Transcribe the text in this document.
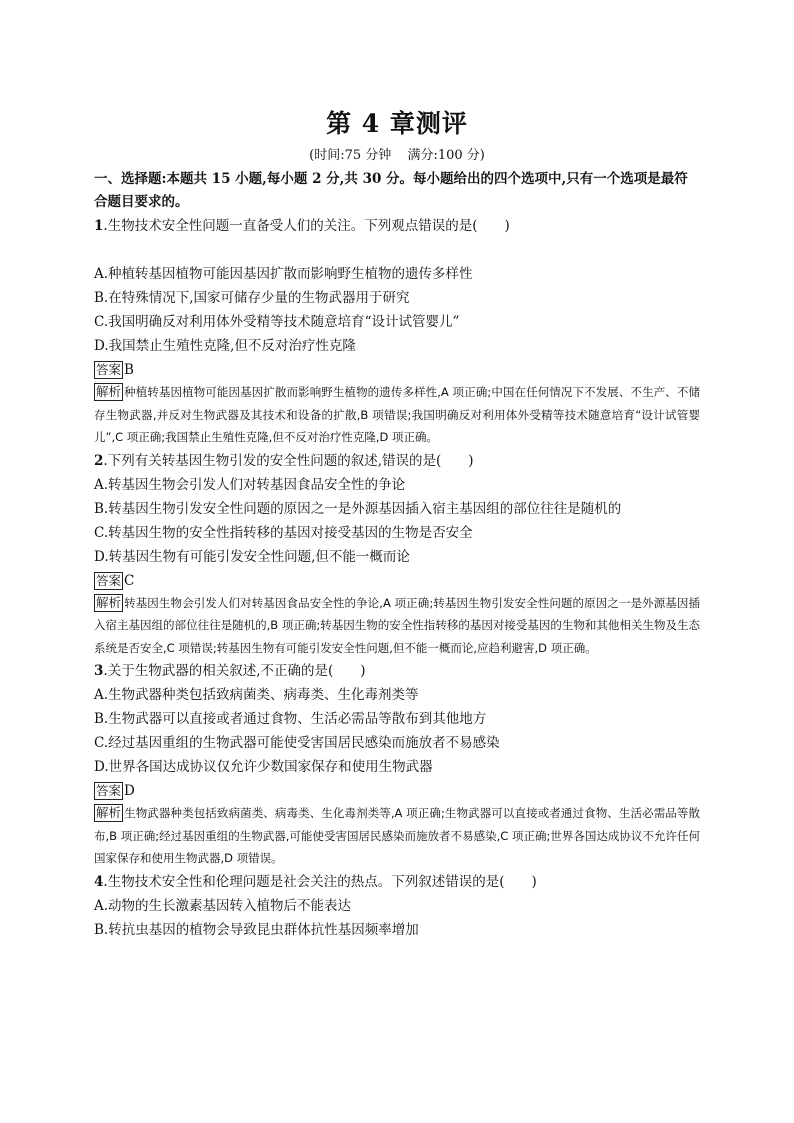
第 4 章测评
(时间:75 分钟 满分:100 分)
一、选择题:本题共 15 小题,每小题 2 分,共 30 分。每小题给出的四个选项中,只有一个选项是最符合题目要求的。
1.生物技术安全性问题一直备受人们的关注。下列观点错误的是(　　)
A.种植转基因植物可能因基因扩散而影响野生植物的遗传多样性
B.在特殊情况下,国家可储存少量的生物武器用于研究
C.我国明确反对利用体外受精等技术随意培育“设计试管婴儿”
D.我国禁止生殖性克隆,但不反对治疗性克隆
答案 B
解析 种植转基因植物可能因基因扩散而影响野生植物的遗传多样性,A 项正确;中国在任何情况下不发展、不生产、不储存生物武器,并反对生物武器及其技术和设备的扩散,B 项错误;我国明确反对利用体外受精等技术随意培育“设计试管婴儿”,C 项正确;我国禁止生殖性克隆,但不反对治疗性克隆,D 项正确。
2.下列有关转基因生物引发的安全性问题的叙述,错误的是(　　)
A.转基因生物会引发人们对转基因食品安全性的争论
B.转基因生物引发安全性问题的原因之一是外源基因插入宿主基因组的部位往往是随机的
C.转基因生物的安全性指转移的基因对接受基因的生物是否安全
D.转基因生物有可能引发安全性问题,但不能一概而论
答案 C
解析 转基因生物会引发人们对转基因食品安全性的争论,A 项正确;转基因生物引发安全性问题的原因之一是外源基因插入宿主基因组的部位往往是随机的,B 项正确;转基因生物的安全性指转移的基因对接受基因的生物和其他相关生物及生态系统是否安全,C 项错误;转基因生物有可能引发安全性问题,但不能一概而论,应趋利避害,D 项正确。
3.关于生物武器的相关叙述,不正确的是(　　)
A.生物武器种类包括致病菌类、病毒类、生化毒剂类等
B.生物武器可以直接或者通过食物、生活必需品等散布到其他地方
C.经过基因重组的生物武器可能使受害国居民感染而施放者不易感染
D.世界各国达成协议仅允许少数国家保存和使用生物武器
答案 D
解析 生物武器种类包括致病菌类、病毒类、生化毒剂类等,A 项正确;生物武器可以直接或者通过食物、生活必需品等散布,B 项正确;经过基因重组的生物武器,可能使受害国居民感染而施放者不易感染,C 项正确;世界各国达成协议不允许任何国家保存和使用生物武器,D 项错误。
4.生物技术安全性和伦理问题是社会关注的热点。下列叙述错误的是(　　)
A.动物的生长激素基因转入植物后不能表达
B.转抗虫基因的植物会导致昆虫群体抗性基因频率增加
